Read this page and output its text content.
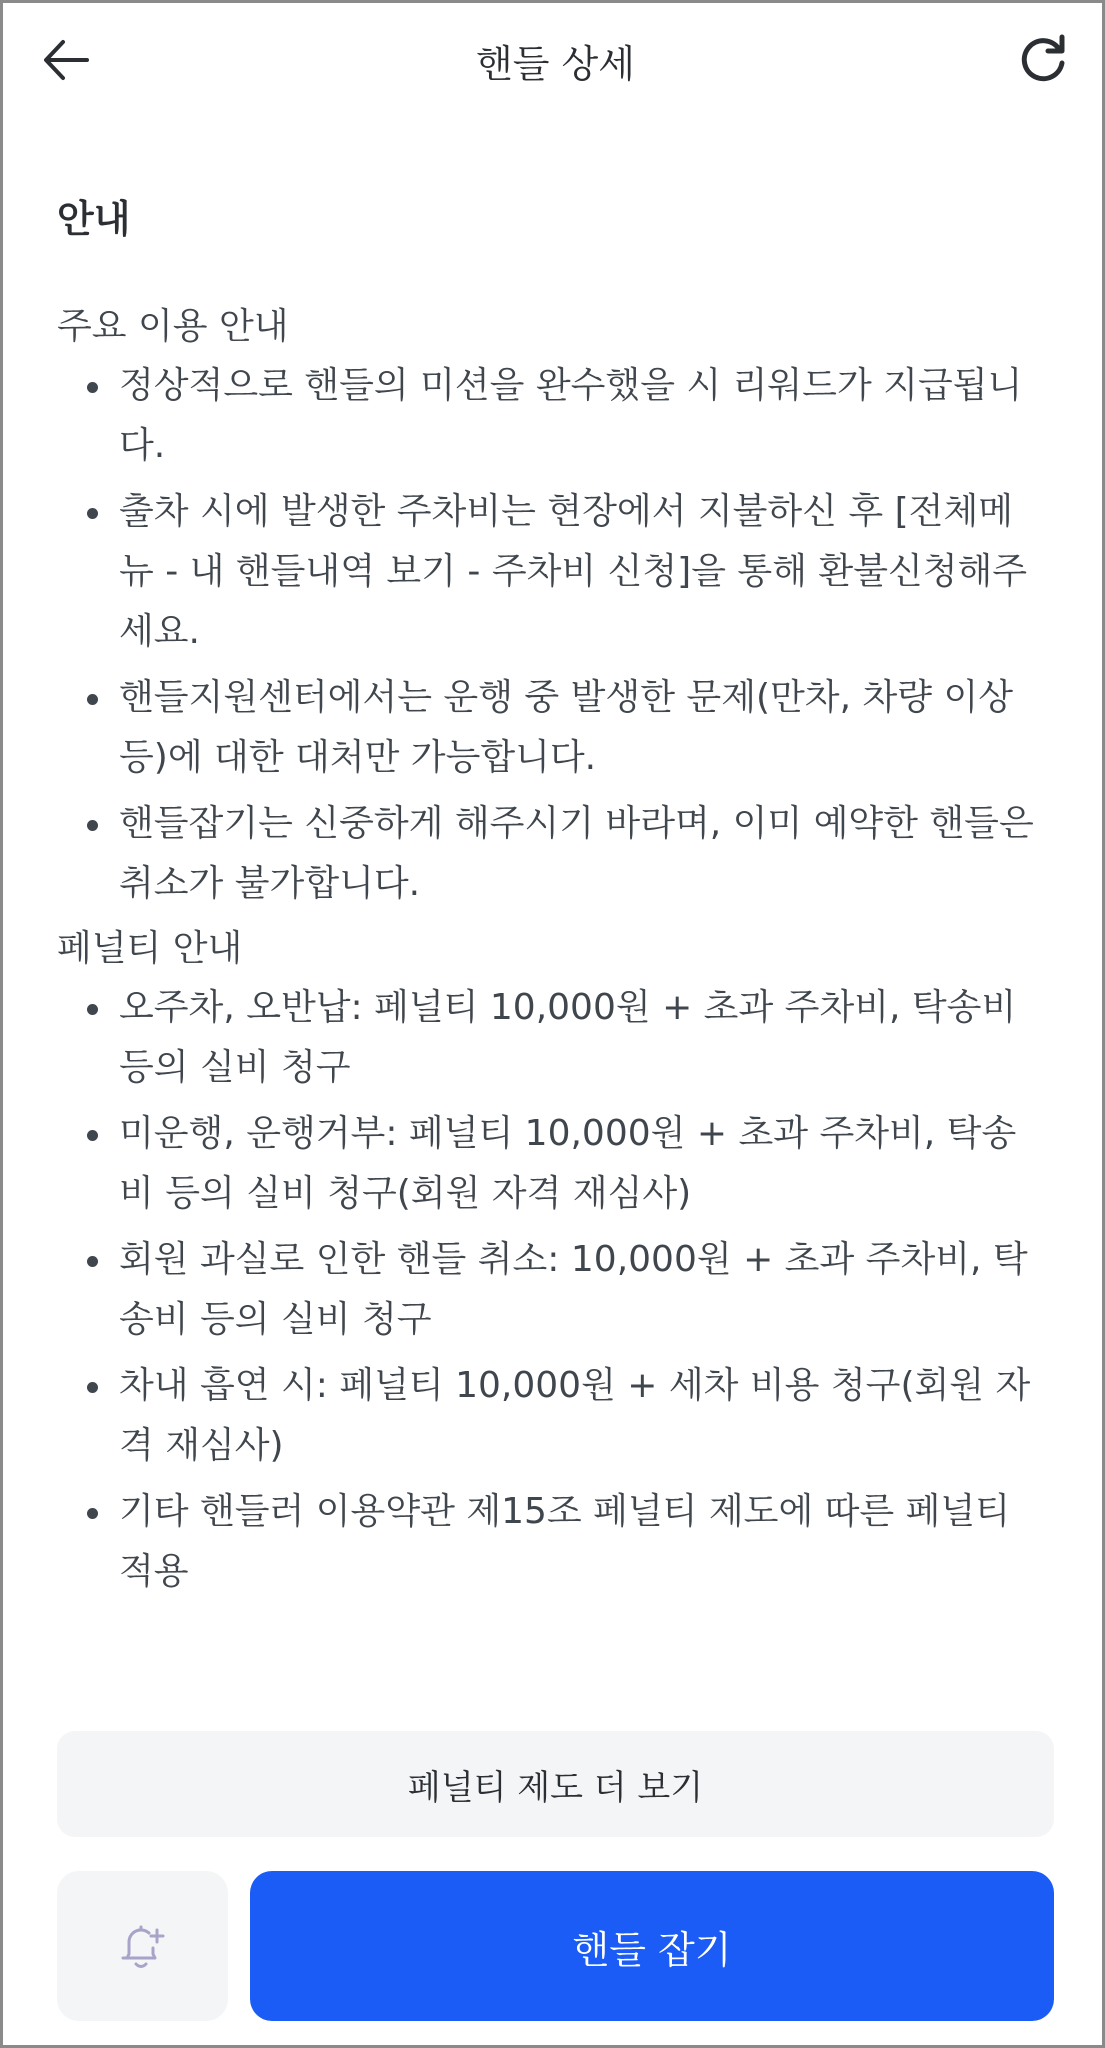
핸들 상세
안내
주요 이용 안내
정상적으로 핸들의 미션을 완수했을 시 리워드가 지급됩니다.
출차 시에 발생한 주차비는 현장에서 지불하신 후 [전체메뉴 - 내 핸들내역 보기 - 주차비 신청]을 통해 환불신청해주세요.
핸들지원센터에서는 운행 중 발생한 문제(만차, 차량 이상 등)에 대한 대처만 가능합니다.
핸들잡기는 신중하게 해주시기 바라며, 이미 예약한 핸들은 취소가 불가합니다.
페널티 안내
오주차, 오반납: 페널티 10,000원 + 초과 주차비, 탁송비 등의 실비 청구
미운행, 운행거부: 페널티 10,000원 + 초과 주차비, 탁송비 등의 실비 청구(회원 자격 재심사)
회원 과실로 인한 핸들 취소: 10,000원 + 초과 주차비, 탁송비 등의 실비 청구
차내 흡연 시: 페널티 10,000원 + 세차 비용 청구(회원 자격 재심사)
기타 핸들러 이용약관 제15조 페널티 제도에 따른 페널티 적용
페널티 제도 더 보기
핸들 잡기
